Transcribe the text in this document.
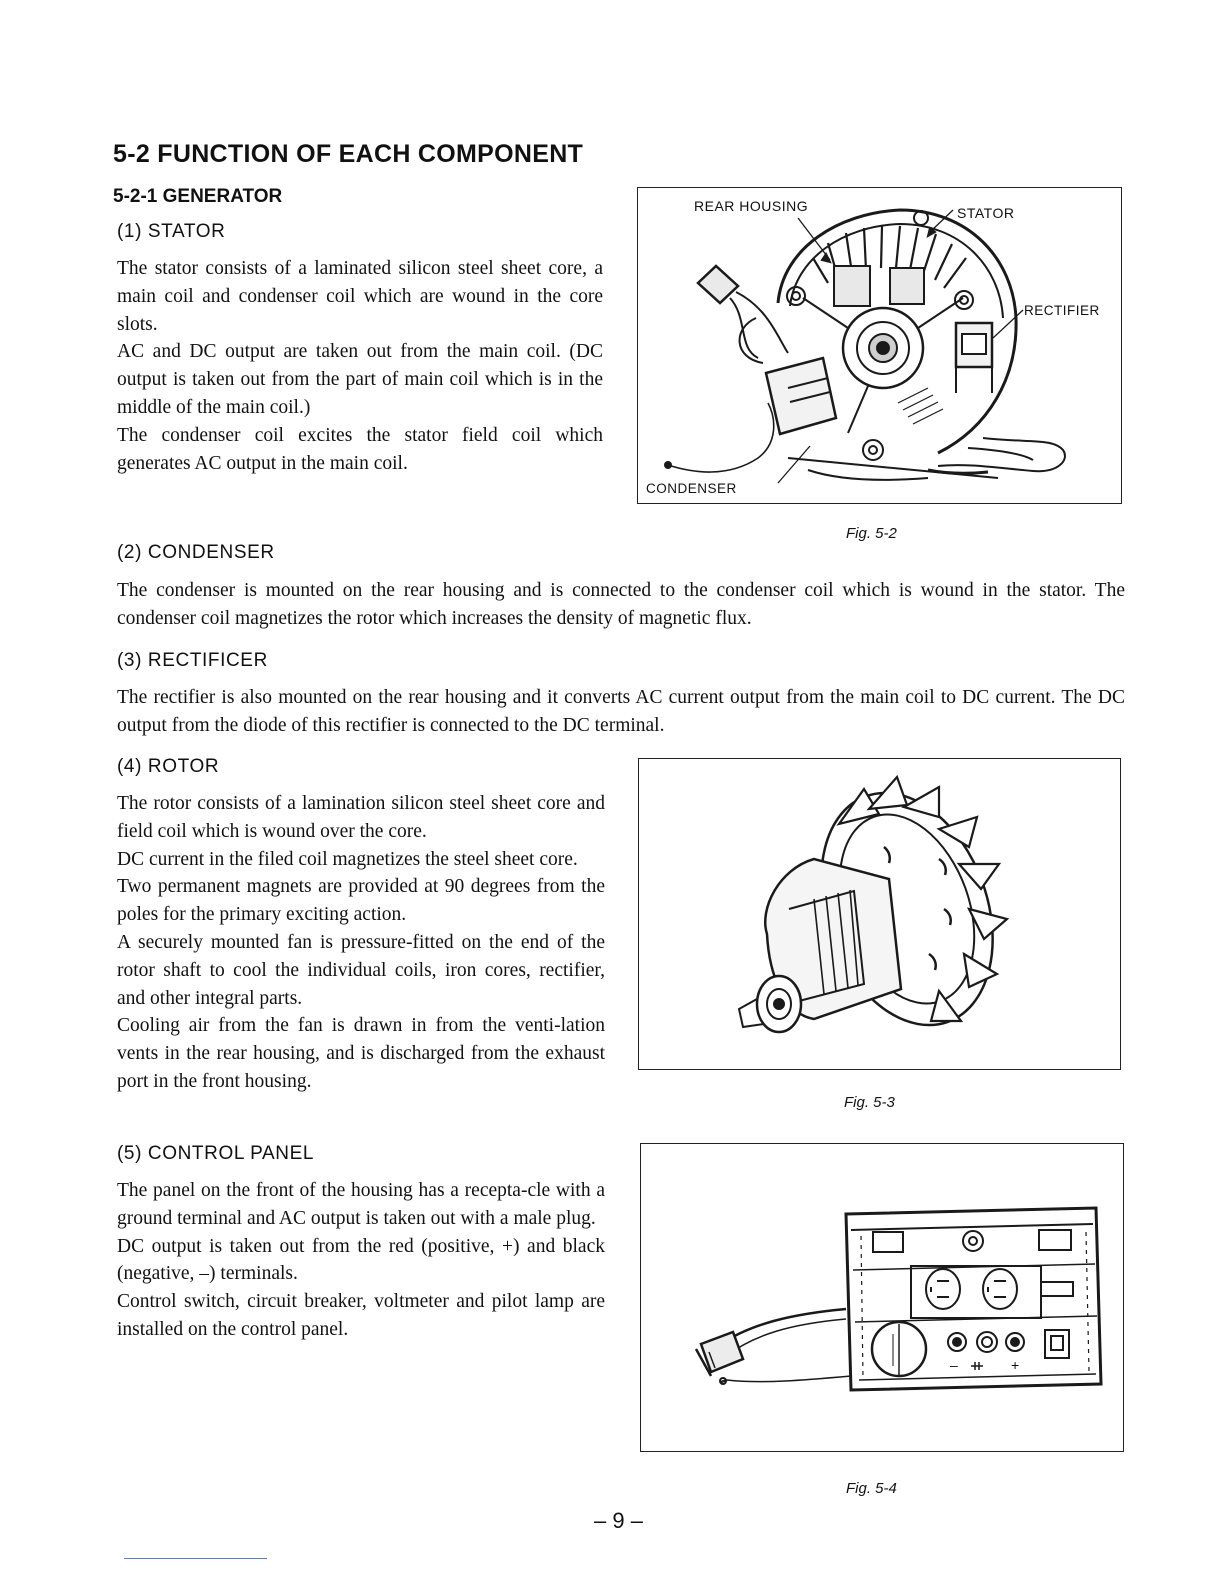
5-2 FUNCTION OF EACH COMPONENT
5-2-1 GENERATOR
(1) STATOR

The stator consists of a laminated silicon steel sheet core, a main coil and condenser coil which are wound in the core slots.

AC and DC output are taken out from the main coil. (DC output is taken out from the part of main coil which is in the middle of the main coil.)

The condenser coil excites the stator field coil which generates AC output in the main coil.

REAR HOUSING	STATOR
RECTIFIER
CONDENSER
Fig. 5-2
(2) CONDENSER

The condenser is mounted on the rear housing and is connected to the condenser coil which is wound in the stator. The condenser coil magnetizes the rotor which increases the density of magnetic flux.

(3) RECTIFICER

The rectifier is also mounted on the rear housing and it converts AC current output from the main coil to DC current. The DC output from the diode of this rectifier is connected to the DC terminal.

(4) ROTOR

The rotor consists of a lamination silicon steel sheet core and field coil which is wound over the core.

DC current in the filed coil magnetizes the steel sheet core.

Two permanent magnets are provided at 90 degrees from the poles for the primary exciting action.

A securely mounted fan is pressure-fitted on the end of the rotor shaft to cool the individual coils, iron cores, rectifier, and other integral parts.

Cooling air from the fan is drawn in from the venti-lation vents in the rear housing, and is discharged from the exhaust port in the front housing.

Fig. 5-3
(5) CONTROL PANEL

The panel on the front of the housing has a recepta-cle with a ground terminal and AC output is taken out with a male plug.

DC output is taken out from the red (positive, +) and black (negative, –) terminals.

Control switch, circuit breaker, voltmeter and pilot lamp are installed on the control panel.

–	+
Fig. 5-4
– 9 –
